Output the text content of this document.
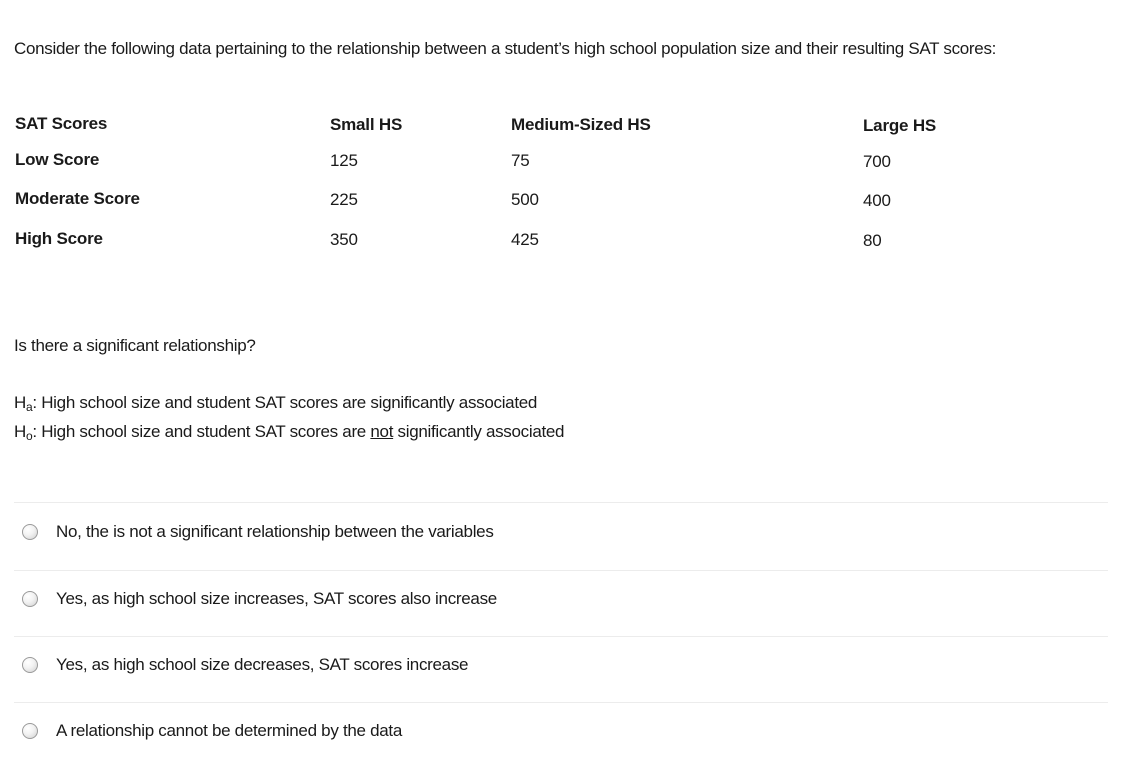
Consider the following data pertaining to the relationship between a student’s high school population size and their resulting SAT scores:
SAT Scores	Small HS	Medium-Sized HS	Large HS
Low Score	125	75	700
Moderate Score	225	500	400
High Score	350	425	80
Is there a significant relationship?
$H_a$: High school size and student SAT scores are significantly associated
$H_o$: High school size and student SAT scores are not significantly associated
No, the is not a significant relationship between the variables
Yes, as high school size increases, SAT scores also increase
Yes, as high school size decreases, SAT scores increase
A relationship cannot be determined by the data
